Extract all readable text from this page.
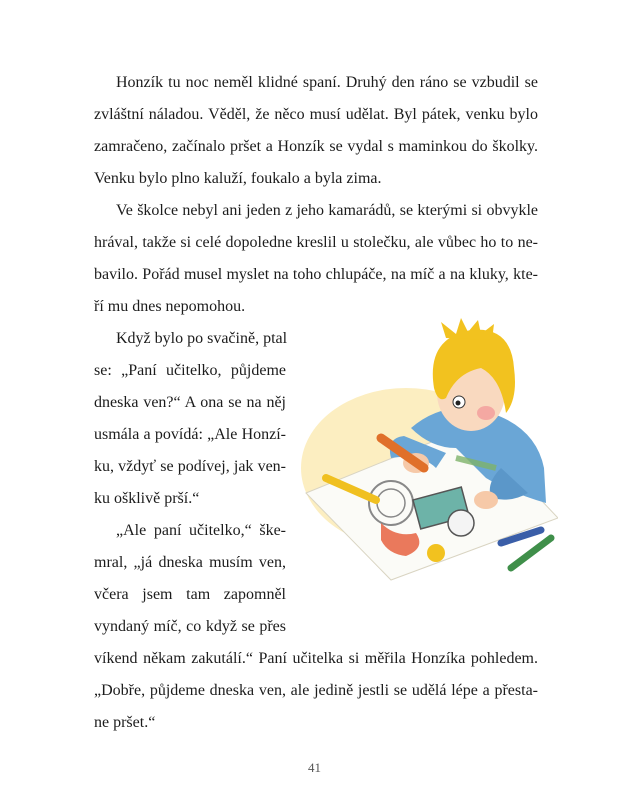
Honzík tu noc neměl klidné spaní. Druhý den ráno se vzbudil se
zvláštní náladou. Věděl, že něco musí udělat. Byl pátek, venku bylo
zamračeno, začínalo pršet a Honzík se vydal s maminkou do školky.
Venku bylo plno kaluží, foukalo a byla zima.
Ve školce nebyl ani jeden z jeho kamarádů, se kterými si obvykle
hrával, takže si celé dopoledne kreslil u stolečku, ale vůbec ho to ne-
bavilo. Pořád musel myslet na toho chlupáče, na míč a na kluky, kte-
ří mu dnes nepomohou.
Když bylo po svačině, ptal
se: „Paní učitelko, půjdeme
dneska ven?“ A ona se na něj
usmála a povídá: „Ale Honzí-
ku, vždyť se podívej, jak ven-
ku ošklivě prší.“
„Ale paní učitelko,“ ške-
mral, „já dneska musím ven,
včera jsem tam zapomněl
vyndaný míč, co když se přes
víkend někam zakutálí.“ Paní učitelka si měřila Honzíka pohledem.
„Dobře, půjdeme dneska ven, ale jedině jestli se udělá lépe a přesta-
ne pršet.“
41
